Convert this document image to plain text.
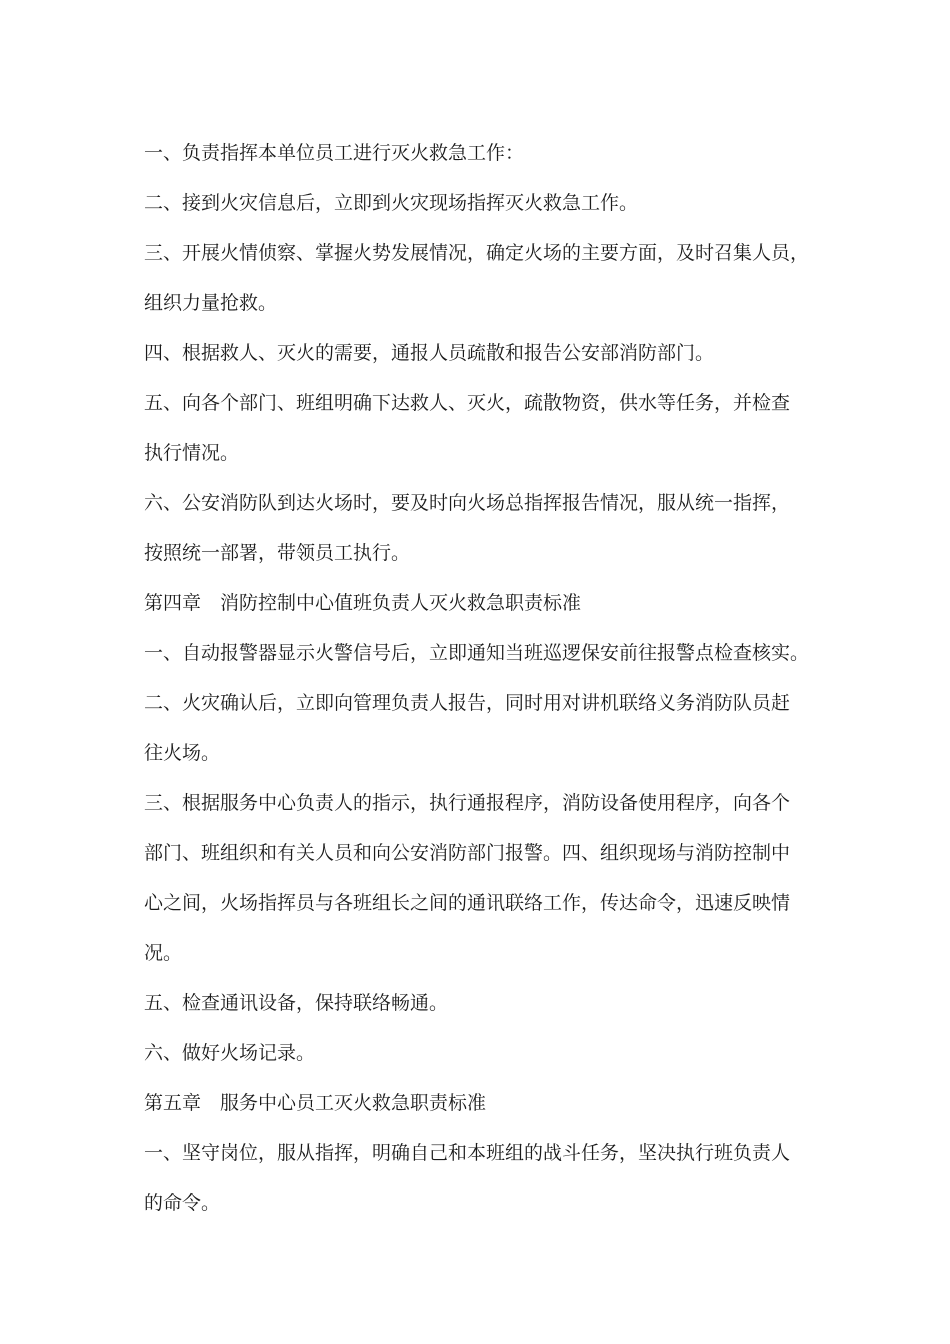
一、负责指挥本单位员工进行灭火救急工作：
二、接到火灾信息后，立即到火灾现场指挥灭火救急工作。
三、开展火情侦察、掌握火势发展情况，确定火场的主要方面，及时召集人员，
组织力量抢救。
四、根据救人、灭火的需要，通报人员疏散和报告公安部消防部门。
五、向各个部门、班组明确下达救人、灭火，疏散物资，供水等任务，并检查
执行情况。
六、公安消防队到达火场时，要及时向火场总指挥报告情况，服从统一指挥，
按照统一部署，带领员工执行。
第四章　消防控制中心值班负责人灭火救急职责标准
一、自动报警器显示火警信号后，立即通知当班巡逻保安前往报警点检查核实。
二、火灾确认后，立即向管理负责人报告，同时用对讲机联络义务消防队员赶
往火场。
三、根据服务中心负责人的指示，执行通报程序，消防设备使用程序，向各个
部门、班组织和有关人员和向公安消防部门报警。四、组织现场与消防控制中
心之间，火场指挥员与各班组长之间的通讯联络工作，传达命令，迅速反映情
况。
五、检查通讯设备，保持联络畅通。
六、做好火场记录。
第五章　服务中心员工灭火救急职责标准
一、坚守岗位，服从指挥，明确自己和本班组的战斗任务，坚决执行班负责人
的命令。
